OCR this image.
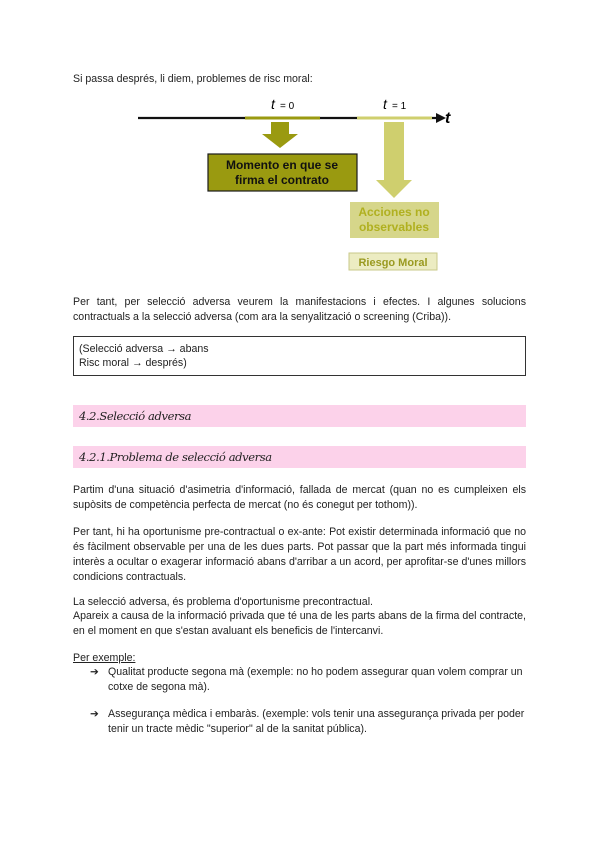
Si passa després, li diem, problemes de risc moral:

t
t = 0	t = 1
Momento en que se
firma el contrato
Acciones no
observables
Riesgo Moral

Per tant, per selecció adversa veurem la manifestacions i efectes. I algunes solucions contractuals a la selecció adversa (com ara la senyalització o screening (Criba)).

(Selecció adversa → abans
Risc moral → després)
4.2.Selecció adversa
4.2.1.Problema de selecció adversa

Partim d'una situació d'asimetria d'informació, fallada de mercat (quan no es cumpleixen els supòsits de competència perfecta de mercat (no és conegut per tothom)).

Per tant, hi ha oportunisme pre-contractual o ex-ante: Pot existir determinada informació que no és fàcilment observable per una de les dues parts. Pot passar que la part més informada tingui interès a ocultar o exagerar informació abans d'arribar a un acord, per aprofitar-se d'unes millors condicions contractuals.

La selecció adversa, és problema d'oportunisme precontractual.

Apareix a causa de la informació privada que té una de les parts abans de la firma del contracte, en el moment en que s'estan avaluant els beneficis de l'intercanvi.

Per exemple:

➔ Qualitat producte segona mà (exemple: no ho podem assegurar quan volem comprar un cotxe de segona mà).
➔ Assegurança mèdica i embaràs. (exemple: vols tenir una assegurança privada per poder tenir un tracte mèdic "superior" al de la sanitat pública).
